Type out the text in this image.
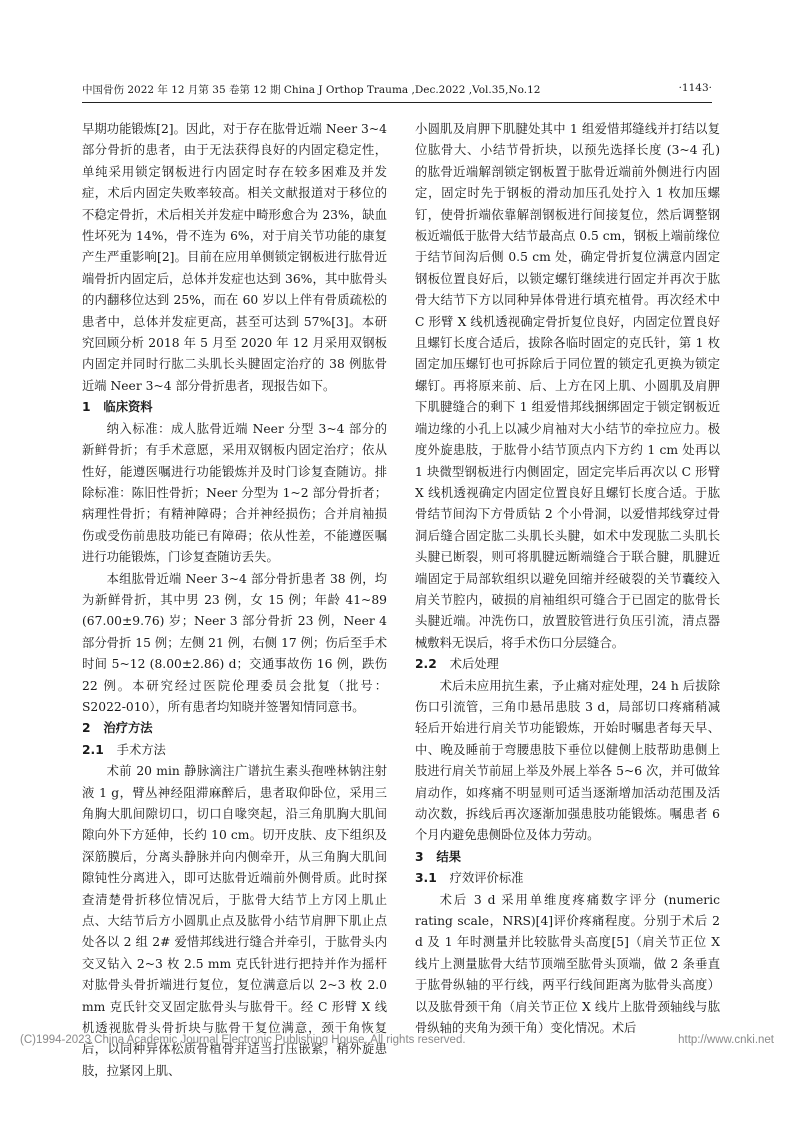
中国骨伤 2022 年 12 月第 35 卷第 12 期 China J Orthop Trauma ,Dec.2022 ,Vol.35,No.12	·1143·

早期功能锻炼[2]。因此，对于存在肱骨近端 Neer 3~4 部分骨折的患者，由于无法获得良好的内固定稳定性，单纯采用锁定钢板进行内固定时存在较多困难及并发症，术后内固定失败率较高。相关文献报道对于移位的不稳定骨折，术后相关并发症中畸形愈合为 23%，缺血性坏死为 14%，骨不连为 6%，对于肩关节功能的康复产生严重影响[2]。目前在应用单侧锁定钢板进行肱骨近端骨折内固定后，总体并发症也达到 36%，其中肱骨头的内翻移位达到 25%，而在 60 岁以上伴有骨质疏松的患者中，总体并发症更高，甚至可达到 57%[3]。本研究回顾分析 2018 年 5 月至 2020 年 12 月采用双钢板内固定并同时行肱二头肌长头腱固定治疗的 38 例肱骨近端 Neer 3~4 部分骨折患者，现报告如下。

1 临床资料

纳入标准：成人肱骨近端 Neer 分型 3~4 部分的新鲜骨折；有手术意愿，采用双钢板内固定治疗；依从性好，能遵医嘱进行功能锻炼并及时门诊复查随访。排除标准：陈旧性骨折；Neer 分型为 1~2 部分骨折者；病理性骨折；有精神障碍；合并神经损伤；合并肩袖损伤或受伤前患肢功能已有障碍；依从性差，不能遵医嘱进行功能锻炼，门诊复查随访丢失。

本组肱骨近端 Neer 3~4 部分骨折患者 38 例，均为新鲜骨折，其中男 23 例，女 15 例；年龄 41~89 (67.00±9.76) 岁；Neer 3 部分骨折 23 例，Neer 4 部分骨折 15 例；左侧 21 例，右侧 17 例；伤后至手术时间 5~12 (8.00±2.86) d；交通事故伤 16 例，跌伤 22 例。本研究经过医院伦理委员会批复（批号：S2022-010），所有患者均知晓并签署知情同意书。

2 治疗方法
2.1 手术方法

术前 20 min 静脉滴注广谱抗生素头孢唑林钠注射液 1 g，臂丛神经阻滞麻醉后，患者取仰卧位，采用三角胸大肌间隙切口，切口自喙突起，沿三角肌胸大肌间隙向外下方延伸，长约 10 cm。切开皮肤、皮下组织及深筋膜后，分离头静脉并向内侧牵开，从三角胸大肌间隙钝性分离进入，即可达肱骨近端前外侧骨质。此时探查清楚骨折移位情况后，于肱骨大结节上方冈上肌止点、大结节后方小圆肌止点及肱骨小结节肩胛下肌止点处各以 2 组 2# 爱惜邦线进行缝合并牵引，于肱骨头内交叉钻入 2~3 枚 2.5 mm 克氏针进行把持并作为摇杆对肱骨头骨折端进行复位，复位满意后以 2~3 枚 2.0 mm 克氏针交叉固定肱骨头与肱骨干。经 C 形臂 X 线机透视肱骨头骨折块与肱骨干复位满意，颈干角恢复后，以同种异体松质骨植骨并适当打压嵌紧，稍外旋患肢，拉紧冈上肌、

小圆肌及肩胛下肌腱处其中 1 组爱惜邦缝线并打结以复位肱骨大、小结节骨折块，以预先选择长度 (3~4 孔) 的肱骨近端解剖锁定钢板置于肱骨近端前外侧进行内固定，固定时先于钢板的滑动加压孔处拧入 1 枚加压螺钉，使骨折端依靠解剖钢板进行间接复位，然后调整钢板近端低于肱骨大结节最高点 0.5 cm，钢板上端前缘位于结节间沟后侧 0.5 cm 处，确定骨折复位满意内固定钢板位置良好后，以锁定螺钉继续进行固定并再次于肱骨大结节下方以同种异体骨进行填充植骨。再次经术中 C 形臂 X 线机透视确定骨折复位良好，内固定位置良好且螺钉长度合适后，拔除各临时固定的克氏针，第 1 枚固定加压螺钉也可拆除后于同位置的锁定孔更换为锁定螺钉。再将原来前、后、上方在冈上肌、小圆肌及肩胛下肌腱缝合的剩下 1 组爱惜邦线捆绑固定于锁定钢板近端边缘的小孔上以减少肩袖对大小结节的牵拉应力。极度外旋患肢，于肱骨小结节顶点内下方约 1 cm 处再以 1 块微型钢板进行内侧固定，固定完毕后再次以 C 形臂 X 线机透视确定内固定位置良好且螺钉长度合适。于肱骨结节间沟下方骨质钻 2 个小骨洞，以爱惜邦线穿过骨洞后缝合固定肱二头肌长头腱，如术中发现肱二头肌长头腱已断裂，则可将肌腱远断端缝合于联合腱，肌腱近端固定于局部软组织以避免回缩并经破裂的关节囊绞入肩关节腔内，破损的肩袖组织可缝合于已固定的肱骨长头腱近端。冲洗伤口，放置胶管进行负压引流，清点器械敷料无误后，将手术伤口分层缝合。

2.2 术后处理

术后未应用抗生素，予止痛对症处理，24 h 后拔除伤口引流管，三角巾悬吊患肢 3 d，局部切口疼痛稍减轻后开始进行肩关节功能锻炼，开始时嘱患者每天早、中、晚及睡前于弯腰患肢下垂位以健侧上肢帮助患侧上肢进行肩关节前屈上举及外展上举各 5~6 次，并可做耸肩动作，如疼痛不明显则可适当逐渐增加活动范围及活动次数，拆线后再次逐渐加强患肢功能锻炼。嘱患者 6 个月内避免患侧卧位及体力劳动。

3 结果
3.1 疗效评价标准

术后 3 d 采用单维度疼痛数字评分 (numeric rating scale，NRS)[4]评价疼痛程度。分别于术后 2 d 及 1 年时测量并比较肱骨头高度[5]（肩关节正位 X 线片上测量肱骨大结节顶端至肱骨头顶端，做 2 条垂直于肱骨纵轴的平行线，两平行线间距离为肱骨头高度）以及肱骨颈干角（肩关节正位 X 线片上肱骨颈轴线与肱骨纵轴的夹角为颈干角）变化情况。术后

(C)1994-2023 China Academic Journal Electronic Publishing House. All rights reserved.	http://www.cnki.net
